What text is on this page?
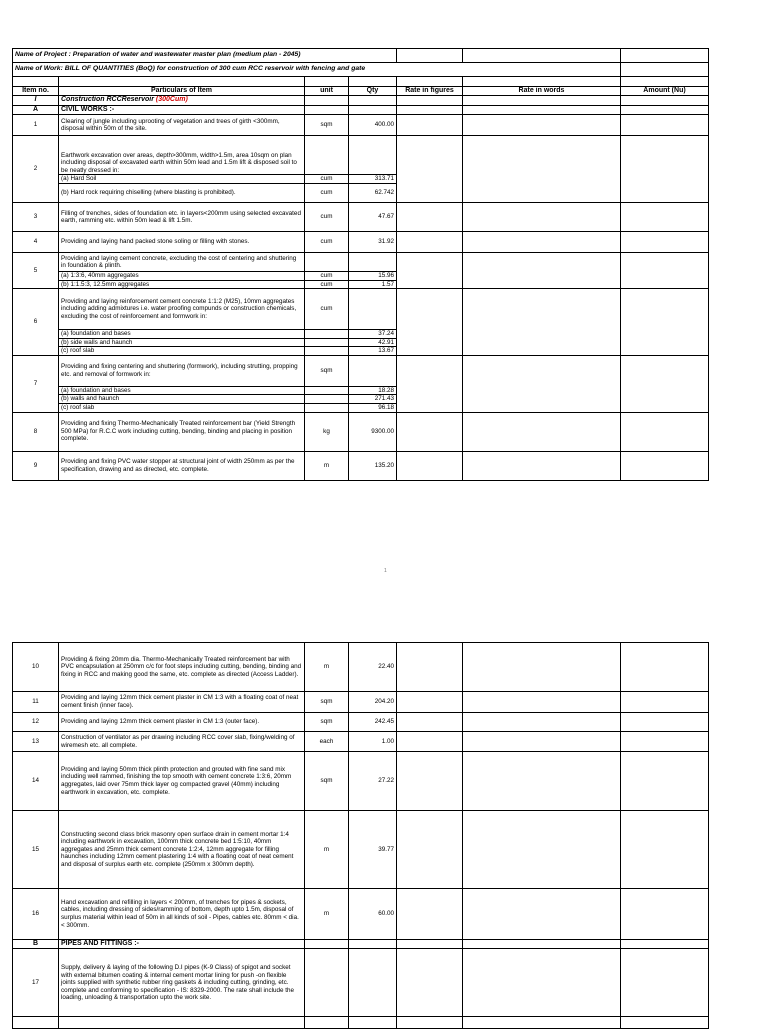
Name of Project : Preparation of water and wastewater master plan (medium plan - 2045)						
Name of Work: BILL OF QUANTITIES (BoQ) for construction of 300 cum RCC reservoir with fencing and gate						

Item no.	Particulars of Item	unit	Qty	Rate in figures	Rate in words	Amount (Nu)
I	Construction RCCReservoir (300Cum)					
A	CIVIL WORKS :-					
1	Clearing of jungle including uprooting of vegetation and trees of girth <300mm, disposal within 50m of the site.	sqm	400.00			
2	Earthwork excavation over areas, depth>300mm, width>1.5m, area 10sqm on plan including disposal of excavated earth within 50m lead and 1.5m lift & disposed soil to be neatly dressed in:					
	(a) Hard Soil	cum	313.71			
	(b) Hard rock requiring chiselling (where blasting is prohibited).	cum	62.742			
3	Filling of trenches, sides of foundation etc. in layers<200mm using selected excavated earth, ramming etc. within 50m lead & lift 1.5m.	cum	47.67			
4	Providing and laying hand packed stone soling or filling with stones.	cum	31.92			
5	Providing and laying cement concrete, excluding the cost of centering and shuttering in foundation & plinth.					
	(a) 1:3:6, 40mm aggregates	cum	15.96			
	(b) 1:1.5:3, 12.5mm aggregates	cum	1.57			
6	Providing and laying reinforcement cement concrete 1:1:2 (M25), 10mm aggregates including adding admixtures i.e. water proofing compunds or construction chemicals, excluding the cost of reinforcement and formwork in:	cum				
	(a) foundation and bases		37.24			
	(b) side walls and haunch		42.91			
	(c) roof slab		13.67			
7	Providing and fixing centering and shuttering (formwork), including strutting, propping etc. and removal of formwork in:	sqm				
	(a) foundation and bases		18.28			
	(b) walls and haunch		271.43			
	(c) roof slab		96.18			
8	Providing and fixing Thermo-Mechanically Treated reinforcement bar (Yield Strength 500 MPa) for R.C.C work including cutting, bending, binding and placing in position complete.	kg	9300.00			
9	Providing and fixing PVC water stopper at structural joint of width 250mm as per the specification, drawing and as directed, etc. complete.	m	135.20			
1
10	Providing & fixing 20mm dia. Thermo-Mechanically Treated reinforcement bar with PVC encapsulation at 250mm c/c for foot steps including cutting, bending, binding and fixing in RCC and making good the same, etc. complete as directed (Access Ladder).	m	22.40			
11	Providing and laying 12mm thick cement plaster in CM 1:3 with a floating coat of neat cement finish (inner face).	sqm	204.20			
12	Providing and laying 12mm thick cement plaster in CM 1:3 (outer face).	sqm	242.45			
13	Construction of ventilator as per drawing including RCC cover slab, fixing/welding of wiremesh etc. all complete.	each	1.00			
14	Providing and laying 50mm thick plinth protection and grouted with fine sand mix including well rammed, finishing the top smooth with cement concrete 1:3:6, 20mm aggregates, laid over 75mm thick layer og compacted gravel (40mm) including earthwork in excavation, etc. complete.	sqm	27.22			
15	Constructing second class brick masonry open surface drain in cement mortar 1:4 including earthwork in excavation, 100mm thick concrete bed 1:5:10, 40mm aggregates and 25mm thick cement concrete 1:2:4, 12mm aggregate for filling haunches including 12mm cement plastering 1:4 with a floating coat of neat cement and disposal of surplus earth etc. complete (250mm x 300mm depth).	m	39.77			
16	Hand excavation and refilling in layers < 200mm, of trenches for pipes & sockets, cables, including dressing of sides/ramming of bottom, depth upto 1.5m, disposal of surplus material within lead of 50m in all kinds of soil - Pipes, cables etc. 80mm < dia. < 300mm.	m	60.00			
B	PIPES AND FITTINGS :-					
17	Supply, delivery & laying of the following D.I pipes (K-9 Class) of spigot and socket with external bitumen coating & internal cement mortar lining for push -on flexible joints supplied with synthetic rubber ring gaskets & including cutting, grinding, etc. complete and conforming to specification - IS: 8329-2000. The rate shall include the loading, unloading & transportation upto the work site.					
